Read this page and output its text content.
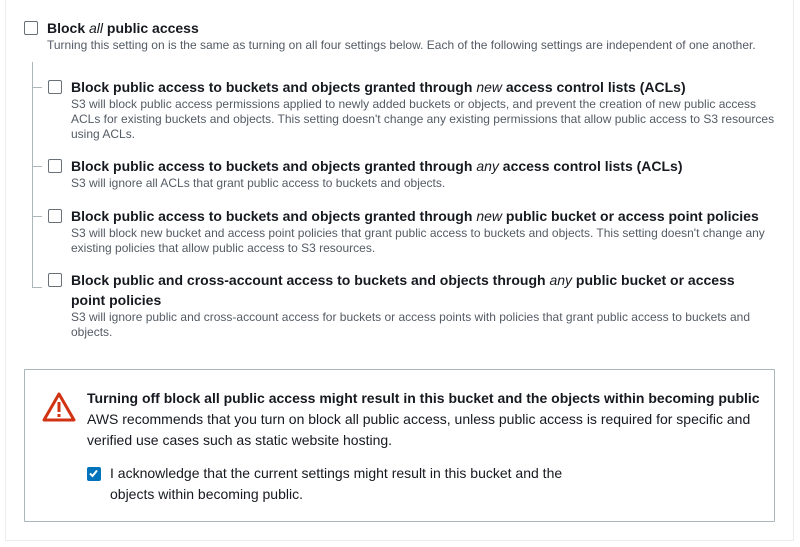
Block all public access
Turning this setting on is the same as turning on all four settings below. Each of the following settings are independent of one another.
Block public access to buckets and objects granted through new access control lists (ACLs)
S3 will block public access permissions applied to newly added buckets or objects, and prevent the creation of new public access ACLs for existing buckets and objects. This setting doesn't change any existing permissions that allow public access to S3 resources using ACLs.
Block public access to buckets and objects granted through any access control lists (ACLs)
S3 will ignore all ACLs that grant public access to buckets and objects.
Block public access to buckets and objects granted through new public bucket or access point policies
S3 will block new bucket and access point policies that grant public access to buckets and objects. This setting doesn't change any existing policies that allow public access to S3 resources.
Block public and cross-account access to buckets and objects through any public bucket or access point policies
S3 will ignore public and cross-account access for buckets or access points with policies that grant public access to buckets and objects.
Turning off block all public access might result in this bucket and the objects within becoming public
AWS recommends that you turn on block all public access, unless public access is required for specific and verified use cases such as static website hosting.
I acknowledge that the current settings might result in this bucket and the objects within becoming public.
